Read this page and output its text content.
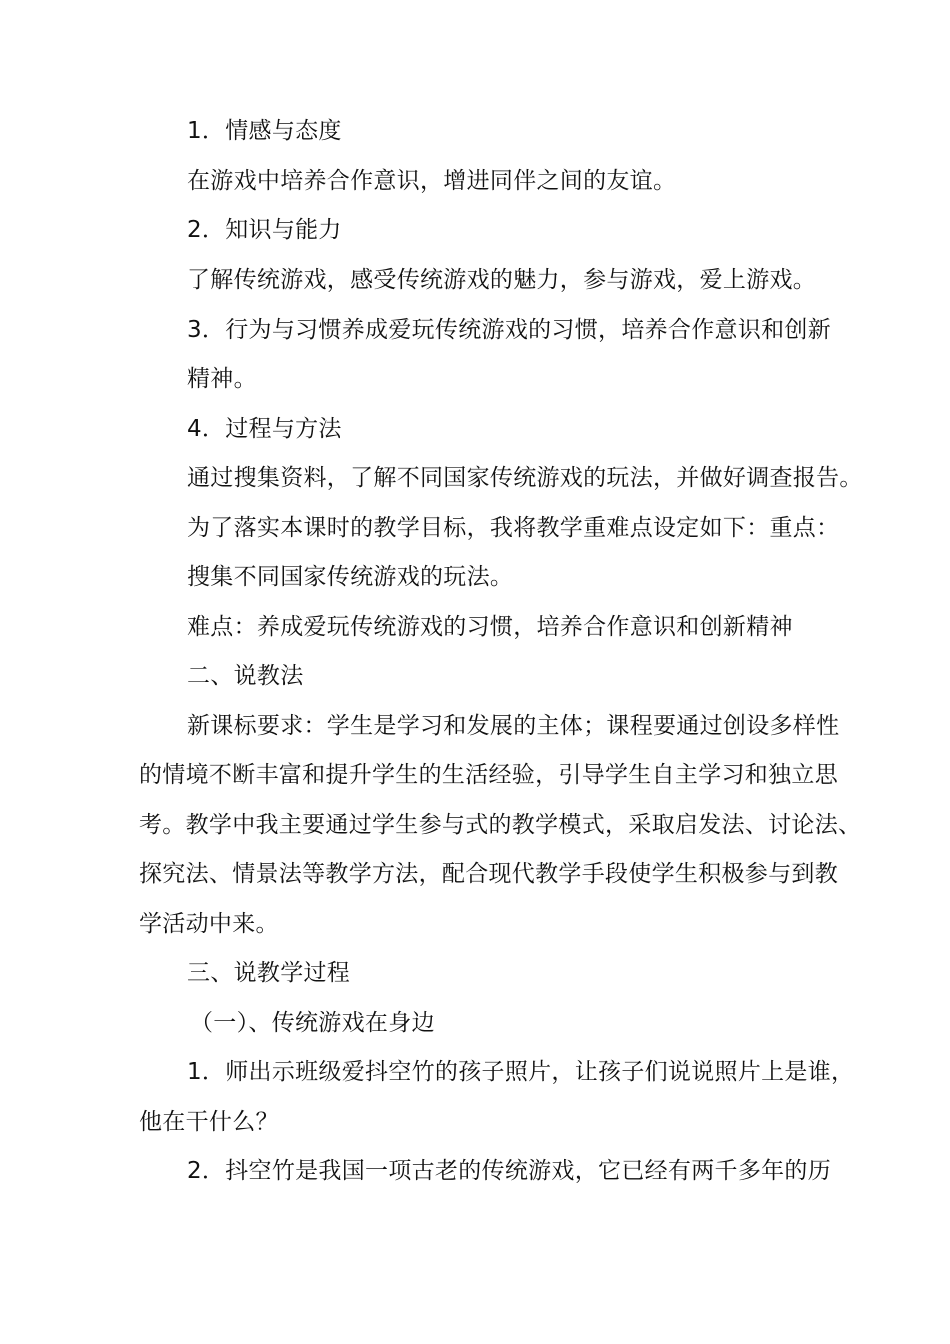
1．情感与态度
在游戏中培养合作意识，增进同伴之间的友谊。
2．知识与能力
了解传统游戏，感受传统游戏的魅力，参与游戏，爱上游戏。
3．行为与习惯养成爱玩传统游戏的习惯，培养合作意识和创新
精神。
4．过程与方法
通过搜集资料，了解不同国家传统游戏的玩法，并做好调查报告。
为了落实本课时的教学目标，我将教学重难点设定如下：重点：
搜集不同国家传统游戏的玩法。
难点：养成爱玩传统游戏的习惯，培养合作意识和创新精神
二、说教法
新课标要求：学生是学习和发展的主体；课程要通过创设多样性
的情境不断丰富和提升学生的生活经验，引导学生自主学习和独立思
考。教学中我主要通过学生参与式的教学模式，采取启发法、讨论法、
探究法、情景法等教学方法，配合现代教学手段使学生积极参与到教
学活动中来。
三、说教学过程
（一）、传统游戏在身边
1．师出示班级爱抖空竹的孩子照片，让孩子们说说照片上是谁，
他在干什么？
2．抖空竹是我国一项古老的传统游戏，它已经有两千多年的历
